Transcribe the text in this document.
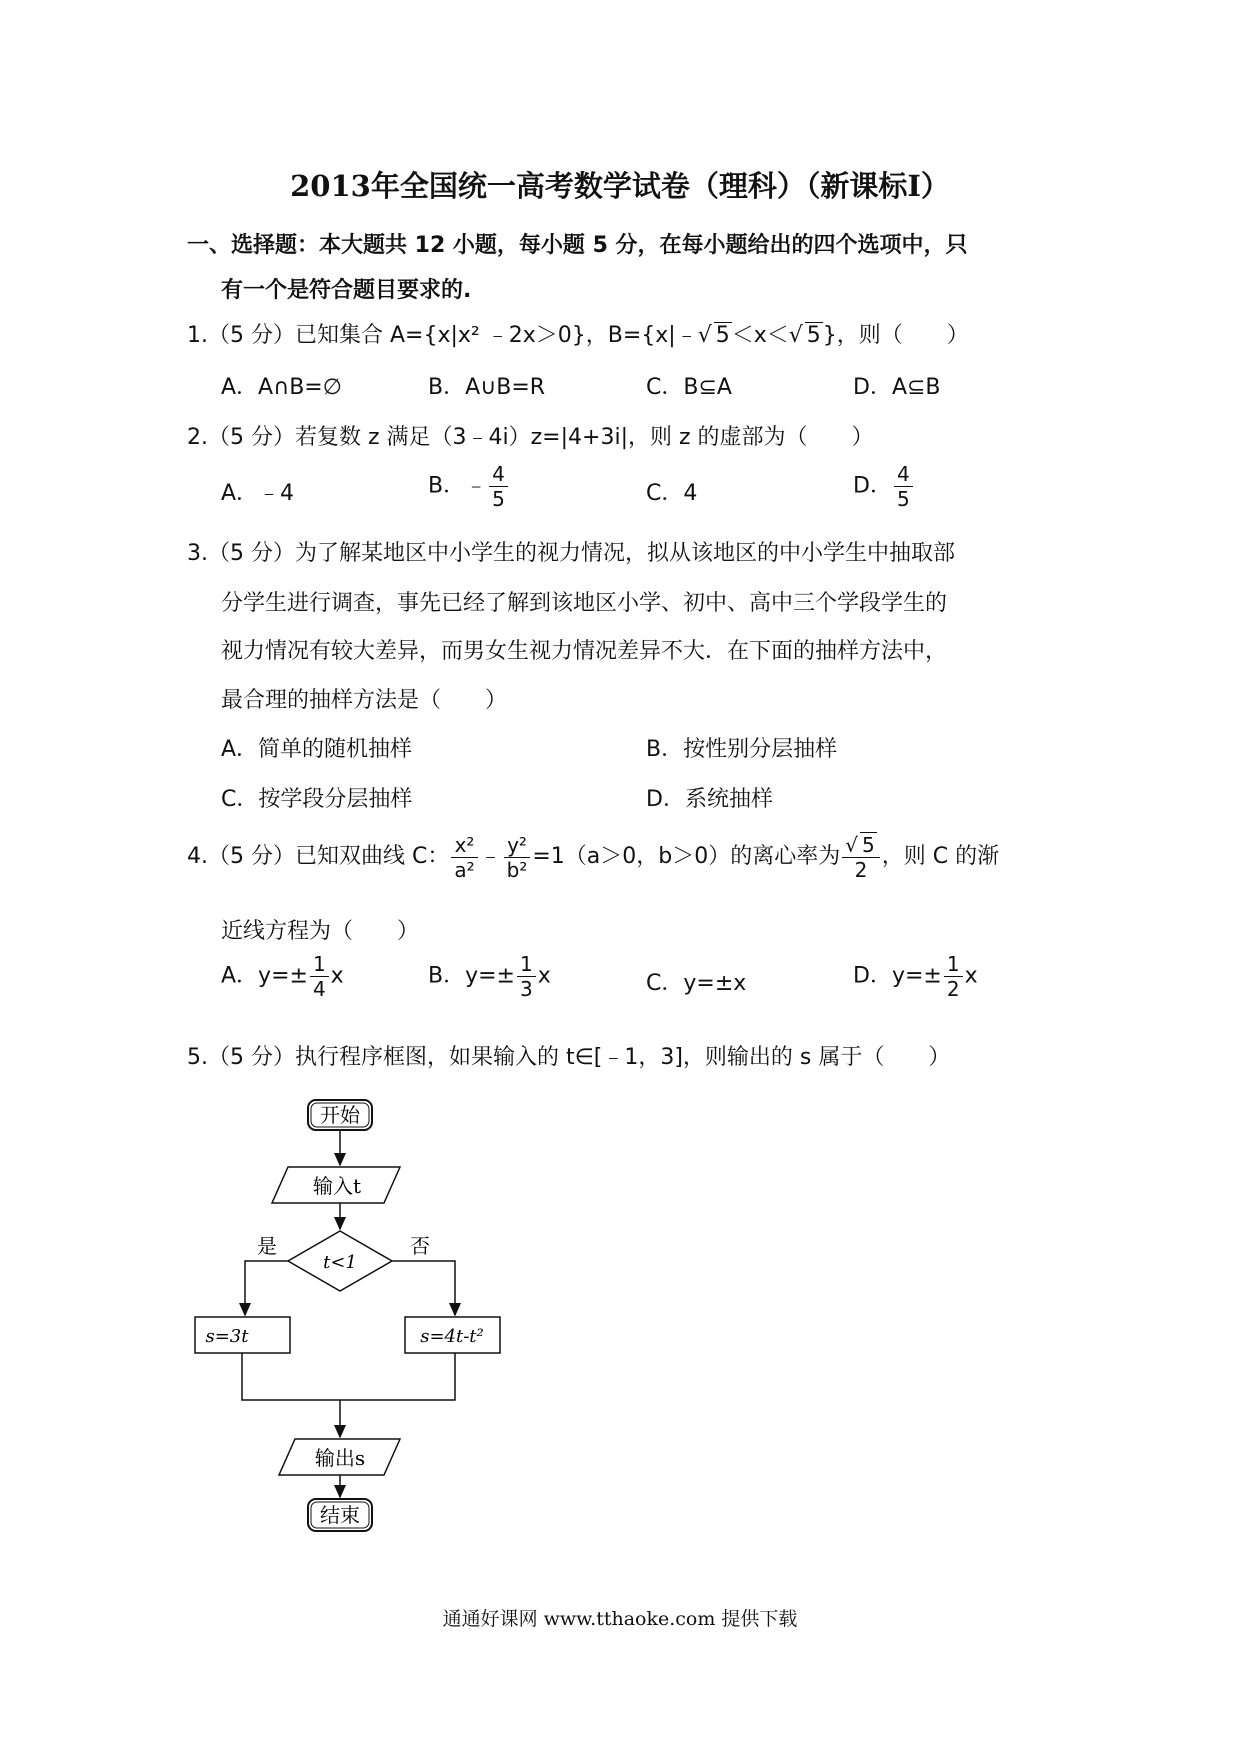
2013年全国统一高考数学试卷（理科）（新课标Ⅰ）
一、选择题：本大题共 12 小题，每小题 5 分，在每小题给出的四个选项中，只
有一个是符合题目要求的.
1.（5 分）已知集合 A={x|x² ﹣2x＞0}，B={x|﹣√ 5＜x＜√ 5}，则（　　）
A．A∩B=∅	B．A∪B=R	C．B⊆A	D．A⊆B
2.（5 分）若复数 z 满足（3﹣4i）z=|4+3i|，则 z 的虚部为（　　）
A．﹣4	B．﹣ $\frac{4}{5}$	C．4	D． $\frac{4}{5}$
3.（5 分）为了解某地区中小学生的视力情况，拟从该地区的中小学生中抽取部
分学生进行调查，事先已经了解到该地区小学、初中、高中三个学段学生的
视力情况有较大差异，而男女生视力情况差异不大．在下面的抽样方法中，
最合理的抽样方法是（　　）
A．简单的随机抽样	B．按性别分层抽样
C．按学段分层抽样	D．系统抽样
4.（5 分）已知双曲线 C： $\frac{\text{x²}}{\text{a²}}$ ﹣ $\frac{\text{y²}}{\text{b²}} =1(a>0$，b＞0）的离心率为 $\frac{√ 5}{2}$ ，则 C 的渐
近线方程为（　　）
A．$y=\pm \frac{1}{4}$ x	B．$y=\pm \frac{1}{3}$ x	C．y=±x	D．$y=\pm \frac{1}{2}$ x
5.（5 分）执行程序框图，如果输入的 t∈[﹣1，3]，则输出的 s 属于（　　）
开始
输入t
t<1
是	否
s=3t	s=4t-t²
输出s
结束
通通好课网 www.tthaoke.com 提供下载
